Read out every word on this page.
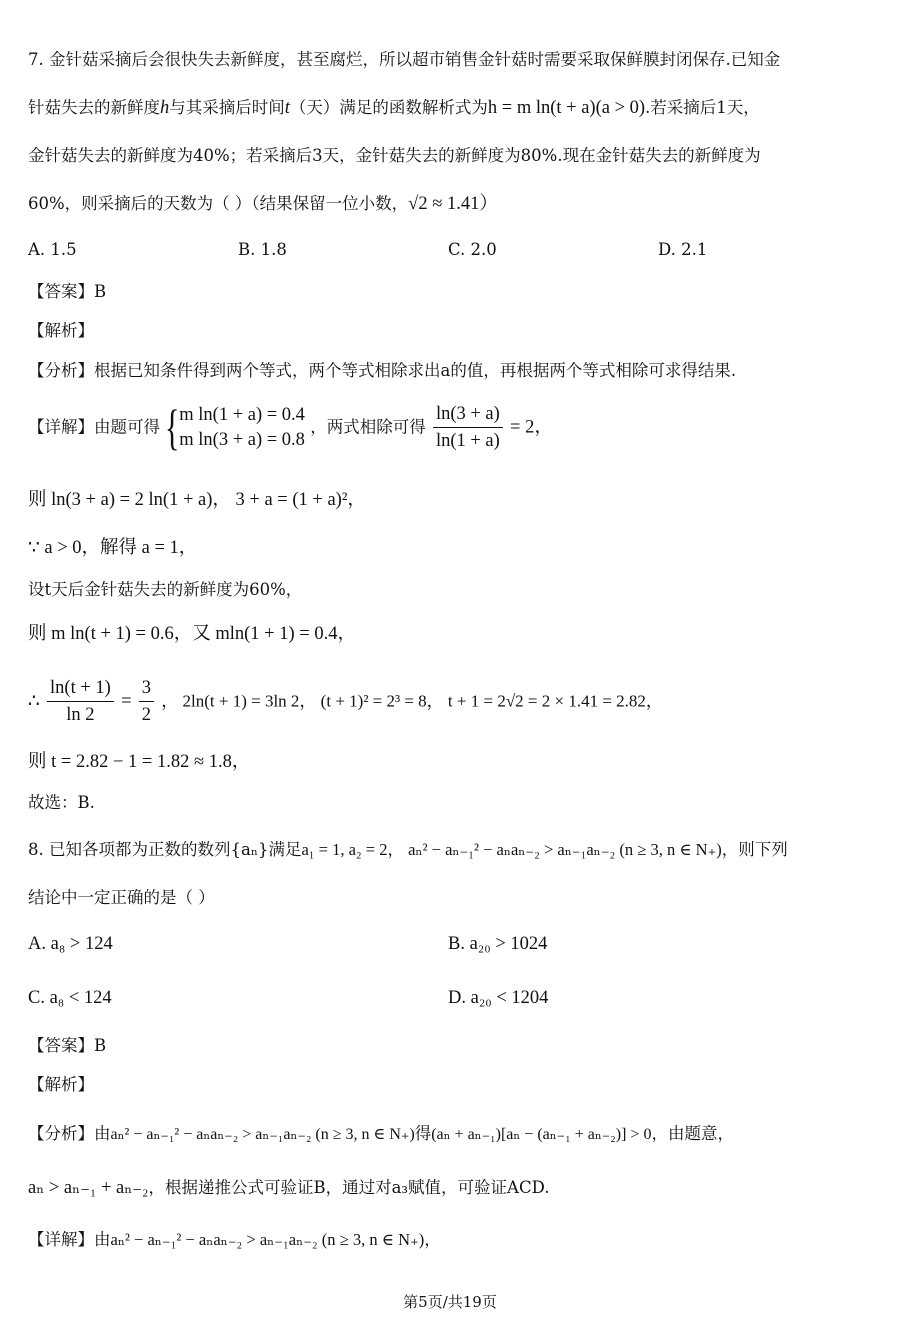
7. 金针菇采摘后会很快失去新鲜度，甚至腐烂，所以超市销售金针菇时需要采取保鲜膜封闭保存.已知金
针菇失去的新鲜度h与其采摘后时间t（天）满足的函数解析式为h = m ln(t + a)(a > 0).若采摘后1天，
金针菇失去的新鲜度为40%；若采摘后3天，金针菇失去的新鲜度为80%.现在金针菇失去的新鲜度为
60%，则采摘后的天数为（ ）（结果保留一位小数，√2 ≈ 1.41）
A. 1.5	B. 1.8	C. 2.0	D. 2.1
【答案】B
【解析】
【分析】根据已知条件得到两个等式，两个等式相除求出a的值，再根据两个等式相除可求得结果.
【详解】由题可得 { m ln(1 + a) = 0.4
m ln(3 + a) = 0.8
，两式相除可得 $\frac{\ln(3 + a)}{\ln(1 + a)} = 2$，
则 ln(3 + a) = 2 ln(1 + a)， 3 + a = (1 + a)²，
∵ a > 0，解得 a = 1，
设t天后金针菇失去的新鲜度为60%，
则 m ln(t + 1) = 0.6，又 mln(1 + 1) = 0.4，
∴ $\frac{\ln(t + 1)}{\ln 2} = \frac{3}{2}$ ， 2ln(t + 1) = 3ln 2， (t + 1)² = 2³ = 8， t + 1 = 2√2 = 2 × 1.41 = 2.82，
则 t = 2.82 − 1 = 1.82 ≈ 1.8，
故选：B.
8. 已知各项都为正数的数列{aₙ}满足a₁ = 1, a₂ = 2， aₙ² − aₙ₋₁² − aₙaₙ₋₂ > aₙ₋₁aₙ₋₂ (n ≥ 3, n ∈ N₊)，则下列
结论中一定正确的是（ ）
A. a₈ > 124	B. a₂₀ > 1024
C. a₈ < 124	D. a₂₀ < 1204
【答案】B
【解析】
【分析】由aₙ² − aₙ₋₁² − aₙaₙ₋₂ > aₙ₋₁aₙ₋₂ (n ≥ 3, n ∈ N₊)得(aₙ + aₙ₋₁)[aₙ − (aₙ₋₁ + aₙ₋₂)] > 0，由题意，
aₙ > aₙ₋₁ + aₙ₋₂，根据递推公式可验证B，通过对a₃赋值，可验证ACD.
【详解】由aₙ² − aₙ₋₁² − aₙaₙ₋₂ > aₙ₋₁aₙ₋₂ (n ≥ 3, n ∈ N₊)，
第5页/共19页
